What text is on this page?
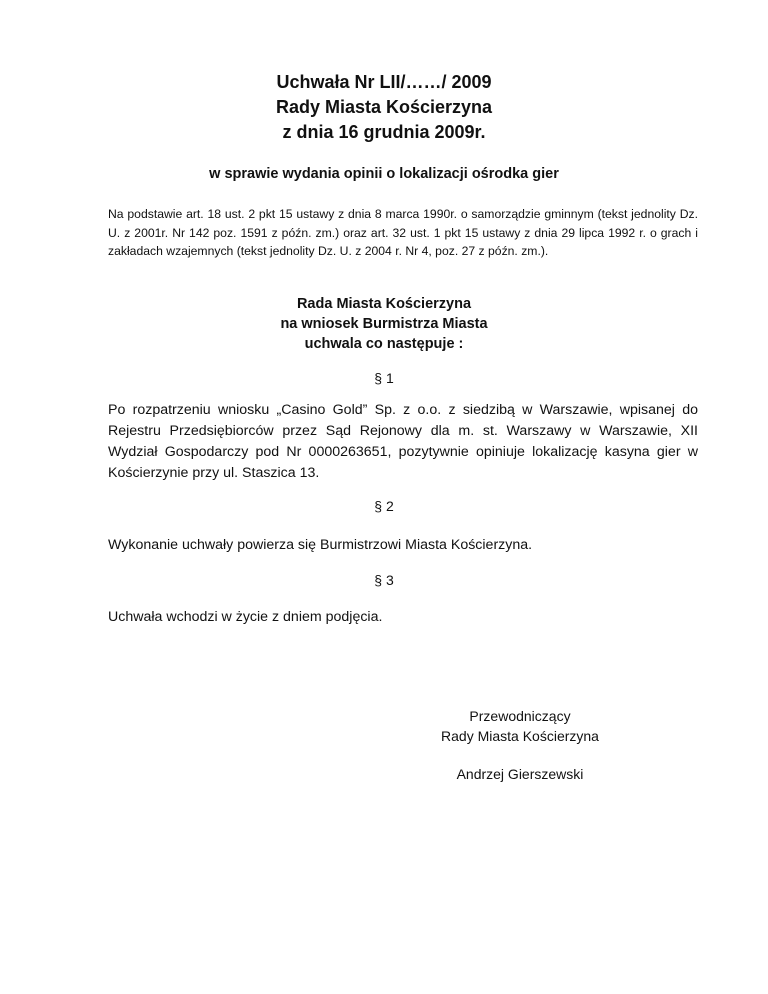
Uchwała Nr LII/……/ 2009
Rady Miasta Kościerzyna
z dnia 16 grudnia 2009r.
w sprawie wydania opinii o lokalizacji ośrodka gier
Na podstawie art. 18 ust. 2 pkt 15 ustawy z dnia 8 marca 1990r. o samorządzie gminnym (tekst jednolity Dz. U. z 2001r. Nr 142 poz. 1591 z późn. zm.) oraz art. 32 ust. 1 pkt 15 ustawy z dnia 29 lipca 1992 r. o grach i zakładach wzajemnych (tekst jednolity Dz. U. z 2004 r. Nr 4, poz. 27 z późn. zm.).
Rada Miasta Kościerzyna
na wniosek Burmistrza Miasta
uchwala co następuje :
§ 1
Po rozpatrzeniu wniosku „Casino Gold” Sp. z o.o. z siedzibą w Warszawie, wpisanej do Rejestru Przedsiębiorców przez Sąd Rejonowy dla m. st. Warszawy w Warszawie, XII Wydział Gospodarczy pod Nr 0000263651, pozytywnie opiniuje lokalizację kasyna gier w Kościerzynie przy ul. Staszica 13.
§ 2
Wykonanie uchwały powierza się Burmistrzowi Miasta Kościerzyna.
§ 3
Uchwała wchodzi w życie z dniem podjęcia.
Przewodniczący
Rady Miasta Kościerzyna
Andrzej Gierszewski
